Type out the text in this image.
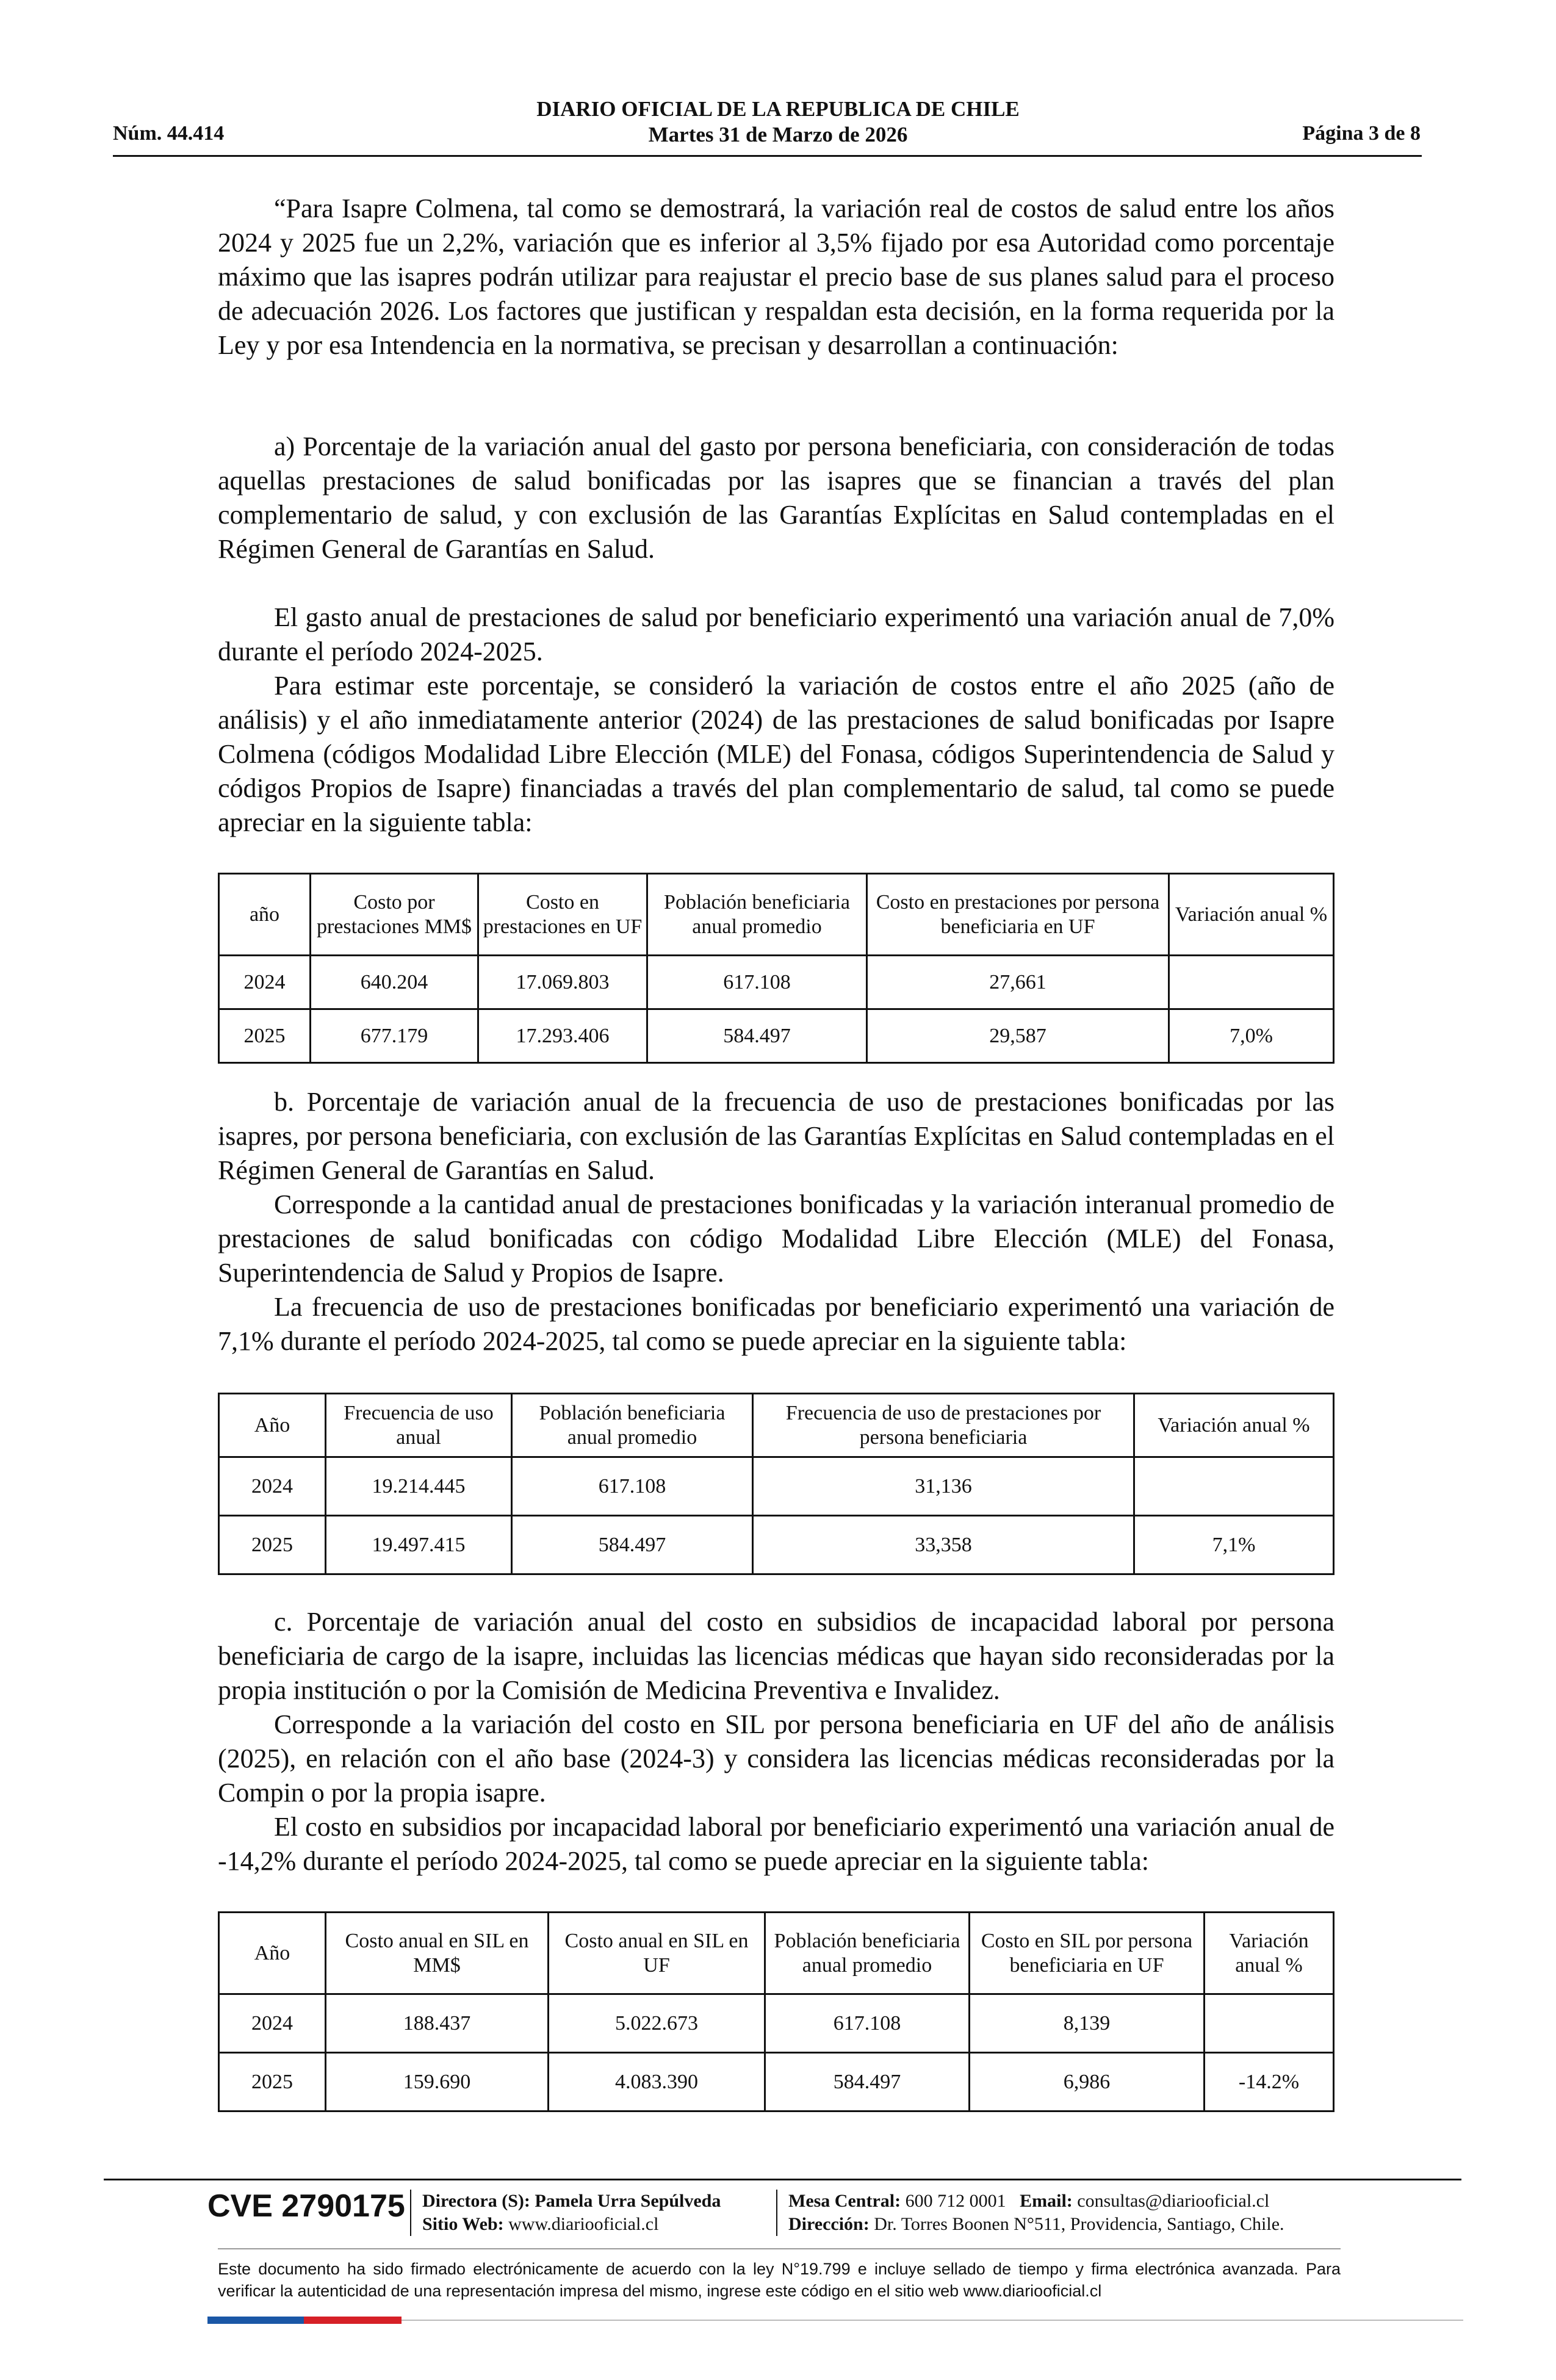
DIARIO OFICIAL DE LA REPUBLICA DE CHILE
Martes 31 de Marzo de 2026
Núm. 44.414	Página 3 de 8

“Para Isapre Colmena, tal como se demostrará, la variación real de costos de salud entre los años 2024 y 2025 fue un 2,2%, variación que es inferior al 3,5% fijado por esa Autoridad como porcentaje máximo que las isapres podrán utilizar para reajustar el precio base de sus planes salud para el proceso de adecuación 2026. Los factores que justifican y respaldan esta decisión, en la forma requerida por la Ley y por esa Intendencia en la normativa, se precisan y desarrollan a continuación:

a) Porcentaje de la variación anual del gasto por persona beneficiaria, con consideración de todas aquellas prestaciones de salud bonificadas por las isapres que se financian a través del plan complementario de salud, y con exclusión de las Garantías Explícitas en Salud contempladas en el Régimen General de Garantías en Salud.

El gasto anual de prestaciones de salud por beneficiario experimentó una variación anual de 7,0% durante el período 2024-2025.

Para estimar este porcentaje, se consideró la variación de costos entre el año 2025 (año de análisis) y el año inmediatamente anterior (2024) de las prestaciones de salud bonificadas por Isapre Colmena (códigos Modalidad Libre Elección (MLE) del Fonasa, códigos Superintendencia de Salud y códigos Propios de Isapre) financiadas a través del plan complementario de salud, tal como se puede apreciar en la siguiente tabla:

año	Costo por prestaciones MM$	Costo en prestaciones en UF	Población beneficiaria anual promedio	Costo en prestaciones por persona beneficiaria en UF	Variación anual %
2024	640.204	17.069.803	617.108	27,661	
2025	677.179	17.293.406	584.497	29,587	7,0%

b. Porcentaje de variación anual de la frecuencia de uso de prestaciones bonificadas por las isapres, por persona beneficiaria, con exclusión de las Garantías Explícitas en Salud contempladas en el Régimen General de Garantías en Salud.

Corresponde a la cantidad anual de prestaciones bonificadas y la variación interanual promedio de prestaciones de salud bonificadas con código Modalidad Libre Elección (MLE) del Fonasa, Superintendencia de Salud y Propios de Isapre.

La frecuencia de uso de prestaciones bonificadas por beneficiario experimentó una variación de 7,1% durante el período 2024-2025, tal como se puede apreciar en la siguiente tabla:

Año	Frecuencia de uso anual	Población beneficiaria anual promedio	Frecuencia de uso de prestaciones por persona beneficiaria	Variación anual %
2024	19.214.445	617.108	31,136	
2025	19.497.415	584.497	33,358	7,1%

c. Porcentaje de variación anual del costo en subsidios de incapacidad laboral por persona beneficiaria de cargo de la isapre, incluidas las licencias médicas que hayan sido reconsideradas por la propia institución o por la Comisión de Medicina Preventiva e Invalidez.

Corresponde a la variación del costo en SIL por persona beneficiaria en UF del año de análisis (2025), en relación con el año base (2024-3) y considera las licencias médicas reconsideradas por la Compin o por la propia isapre.

El costo en subsidios por incapacidad laboral por beneficiario experimentó una variación anual de -14,2% durante el período 2024-2025, tal como se puede apreciar en la siguiente tabla:

Año	Costo anual en SIL en MM$	Costo anual en SIL en UF	Población beneficiaria anual promedio	Costo en SIL por persona beneficiaria en UF	Variación anual %
2024	188.437	5.022.673	617.108	8,139	
2025	159.690	4.083.390	584.497	6,986	-14.2%
CVE 2790175 Directora (S): Pamela Urra Sepúlveda
Sitio Web: www.diariooficial.cl
Mesa Central: 600 712 0001 Email: consultas@diariooficial.cl
Dirección: Dr. Torres Boonen N°511, Providencia, Santiago, Chile.
Este documento ha sido firmado electrónicamente de acuerdo con la ley N°19.799 e incluye sellado de tiempo y firma electrónica avanzada. Para verificar la autenticidad de una representación impresa del mismo, ingrese este código en el sitio web www.diariooficial.cl
